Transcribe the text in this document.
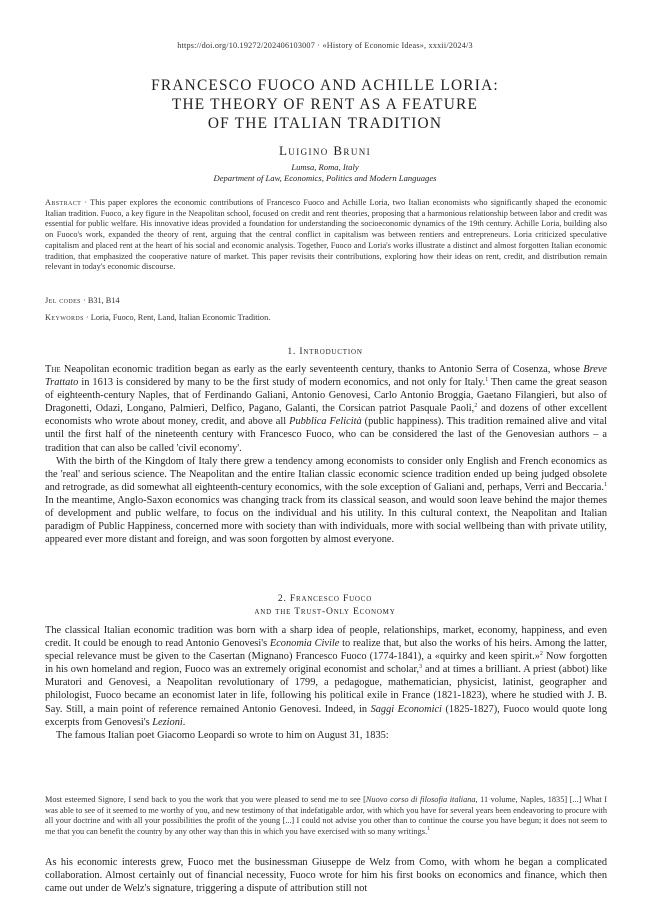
https://doi.org/10.19272/202406103007 · «History of Economic Ideas», xxxii/2024/3
FRANCESCO FUOCO AND ACHILLE LORIA:
THE THEORY OF RENT AS A FEATURE
OF THE ITALIAN TRADITION
Luigino Bruni
Lumsa, Roma, Italy
Department of Law, Economics, Politics and Modern Languages
Abstract · This paper explores the economic contributions of Francesco Fuoco and Achille Loria, two Italian economists who significantly shaped the economic Italian tradition. Fuoco, a key figure in the Neapolitan school, focused on credit and rent theories, proposing that a harmonious relationship between labor and credit was essential for public welfare. His innovative ideas provided a foundation for understanding the socioeconomic dynamics of the 19th century. Achille Loria, building also on Fuoco's work, expanded the theory of rent, arguing that the central conflict in capitalism was between rentiers and entrepreneurs. Loria criticized speculative capitalism and placed rent at the heart of his social and economic analysis. Together, Fuoco and Loria's works illustrate a distinct and almost forgotten Italian economic tradition, that emphasized the cooperative nature of market. This paper revisits their contributions, exploring how their ideas on rent, credit, and distribution remain relevant in today's economic discourse.
Jel codes · B31, B14
Keywords · Loria, Fuoco, Rent, Land, Italian Economic Tradition.
1. Introduction

The Neapolitan economic tradition began as early as the early seventeenth century, thanks to Antonio Serra of Cosenza, whose Breve Trattato in 1613 is considered by many to be the first study of modern economics, and not only for Italy.$^1$ Then came the great season of eighteenth-century Naples, that of Ferdinando Galiani, Antonio Genovesi, Carlo Antonio Broggia, Gaetano Filangieri, but also of Dragonetti, Odazi, Longano, Palmieri, Delfico, Pagano, Galanti, the Corsican patriot Pasquale Paoli,$^2$ and dozens of other excellent economists who wrote about money, credit, and above all Pubblica Felicità (public happiness). This tradition remained alive and vital until the first half of the nineteenth century with Francesco Fuoco, who can be considered the last of the Genovesian authors – a tradition that can also be called 'civil economy'.

With the birth of the Kingdom of Italy there grew a tendency among economists to consider only English and French economics as the 'real' and serious science. The Neapolitan and the entire Italian classic economic science tradition ended up being judged obsolete and retrograde, as did somewhat all eighteenth-century economics, with the sole exception of Galiani and, perhaps, Verri and Beccaria.$^1$ In the meantime, Anglo-Saxon economics was changing track from its classical season, and would soon leave behind the major themes of development and public welfare, to focus on the individual and his utility. In this cultural context, the Neapolitan and Italian paradigm of Public Happiness, concerned more with society than with individuals, more with social wellbeing than with private utility, appeared ever more distant and foreign, and was soon forgotten by almost everyone.

2. Francesco Fuoco
and the Trust-Only Economy

The classical Italian economic tradition was born with a sharp idea of people, relationships, market, economy, happiness, and even credit. It could be enough to read Antonio Genovesi's Economia Civile to realize that, but also the works of his heirs. Among the latter, special relevance must be given to the Casertan (Mignano) Francesco Fuoco (1774-1841), a «quirky and keen spirit.»$^2$ Now forgotten in his own homeland and region, Fuoco was an extremely original economist and scholar,$^3$ and at times a brilliant. A priest (abbot) like Muratori and Genovesi, a Neapolitan revolutionary of 1799, a pedagogue, mathematician, physicist, latinist, geographer and philologist, Fuoco became an economist later in life, following his political exile in France (1821-1823), where he studied with J. B. Say. Still, a main point of reference remained Antonio Genovesi. Indeed, in Saggi Economici (1825-1827), Fuoco would quote long excerpts from Genovesi's Lezioni.

The famous Italian poet Giacomo Leopardi so wrote to him on August 31, 1835:

Most esteemed Signore, I send back to you the work that you were pleased to send me to see [Nuovo corso di filosofia italiana, 11 volume, Naples, 1835] [...] What I was able to see of it seemed to me worthy of you, and new testimony of that indefatigable ardor, with which you have for several years been endeavoring to procure with all your doctrine and with all your possibilities the profit of the young [...] I could not advise you other than to continue the course you have begun; it does not seem to me that you can benefit the country by any other way than this in which you have exercised with so many writings.$^1$

As his economic interests grew, Fuoco met the businessman Giuseppe de Welz from Como, with whom he began a complicated collaboration. Almost certainly out of financial necessity, Fuoco wrote for him his first books on economics and finance, which then came out under de Welz's signature, triggering a dispute of attribution still not
